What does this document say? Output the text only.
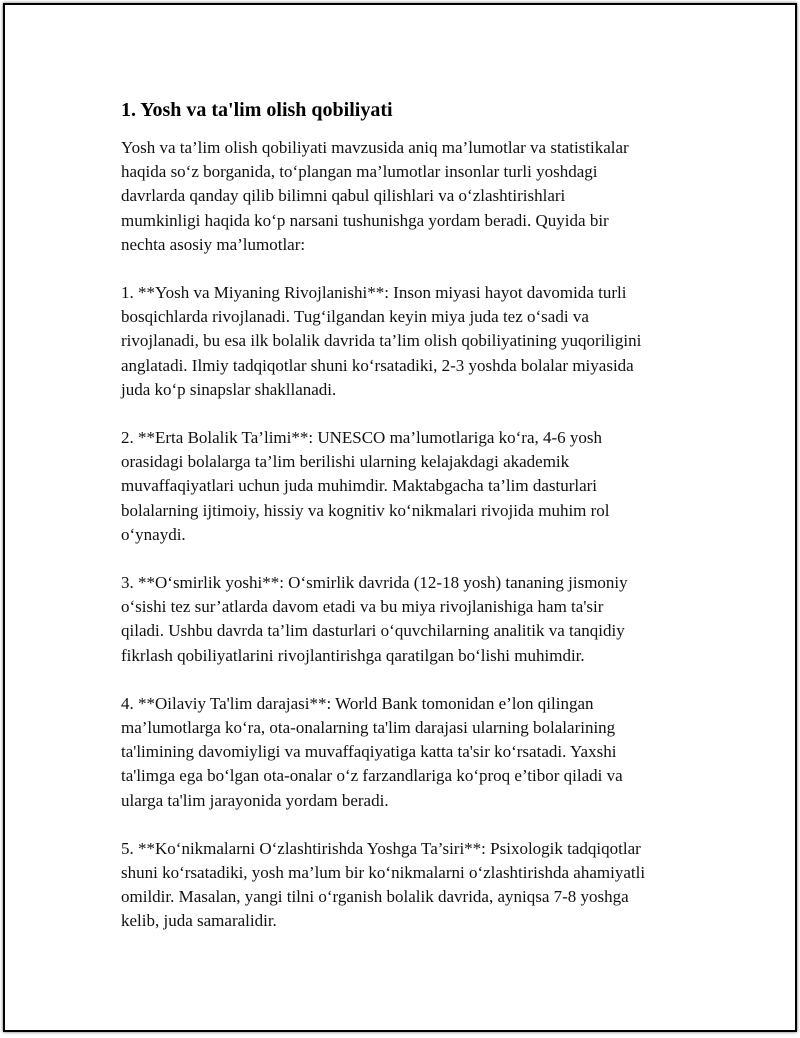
1. Yosh va ta'lim olish qobiliyati

Yosh va ta’lim olish qobiliyati mavzusida aniq ma’lumotlar va statistikalar
haqida so‘z borganida, to‘plangan ma’lumotlar insonlar turli yoshdagi
davrlarda qanday qilib bilimni qabul qilishlari va o‘zlashtirishlari
mumkinligi haqida ko‘p narsani tushunishga yordam beradi. Quyida bir
nechta asosiy ma’lumotlar:

1. **Yosh va Miyaning Rivojlanishi**: Inson miyasi hayot davomida turli
bosqichlarda rivojlanadi. Tug‘ilgandan keyin miya juda tez o‘sadi va
rivojlanadi, bu esa ilk bolalik davrida ta’lim olish qobiliyatining yuqoriligini
anglatadi. Ilmiy tadqiqotlar shuni ko‘rsatadiki, 2-3 yoshda bolalar miyasida
juda ko‘p sinapslar shakllanadi.

2. **Erta Bolalik Ta’limi**: UNESCO ma’lumotlariga ko‘ra, 4-6 yosh
orasidagi bolalarga ta’lim berilishi ularning kelajakdagi akademik
muvaffaqiyatlari uchun juda muhimdir. Maktabgacha ta’lim dasturlari
bolalarning ijtimoiy, hissiy va kognitiv ko‘nikmalari rivojida muhim rol
o‘ynaydi.

3. **O‘smirlik yoshi**: O‘smirlik davrida (12-18 yosh) tananing jismoniy
o‘sishi tez sur’atlarda davom etadi va bu miya rivojlanishiga ham ta'sir
qiladi. Ushbu davrda ta’lim dasturlari o‘quvchilarning analitik va tanqidiy
fikrlash qobiliyatlarini rivojlantirishga qaratilgan bo‘lishi muhimdir.

4. **Oilaviy Ta'lim darajasi**: World Bank tomonidan e’lon qilingan
ma’lumotlarga ko‘ra, ota-onalarning ta'lim darajasi ularning bolalarining
ta'limining davomiyligi va muvaffaqiyatiga katta ta'sir ko‘rsatadi. Yaxshi
ta'limga ega bo‘lgan ota-onalar o‘z farzandlariga ko‘proq e’tibor qiladi va
ularga ta'lim jarayonida yordam beradi.

5. **Ko‘nikmalarni O‘zlashtirishda Yoshga Ta’siri**: Psixologik tadqiqotlar
shuni ko‘rsatadiki, yosh ma’lum bir ko‘nikmalarni o‘zlashtirishda ahamiyatli
omildir. Masalan, yangi tilni o‘rganish bolalik davrida, ayniqsa 7-8 yoshga
kelib, juda samaralidir.
